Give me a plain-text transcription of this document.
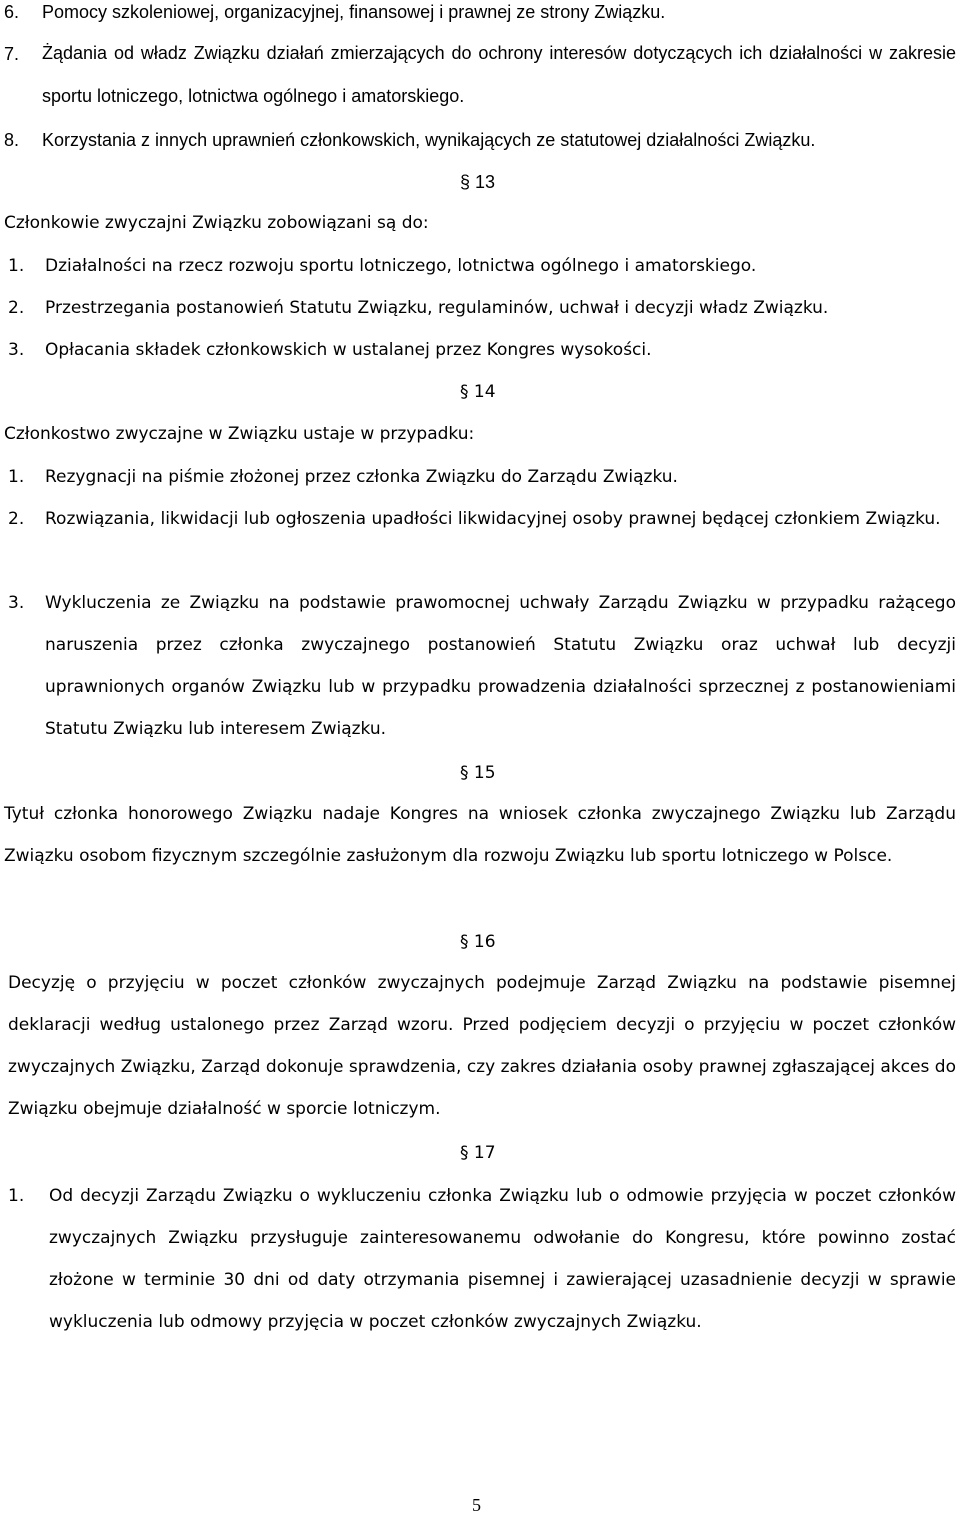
6. Pomocy szkoleniowej, organizacyjnej, finansowej i prawnej ze strony Związku.
7. Żądania od władz Związku działań zmierzających do ochrony interesów dotyczących ich działalności w zakresie sportu lotniczego, lotnictwa ogólnego i amatorskiego.
8. Korzystania z innych uprawnień członkowskich, wynikających ze statutowej działalności Związku.
§ 13
Członkowie zwyczajni Związku zobowiązani są do:
1. Działalności na rzecz rozwoju sportu lotniczego, lotnictwa ogólnego i amatorskiego.
2. Przestrzegania postanowień Statutu Związku, regulaminów, uchwał i decyzji władz Związku.
3. Opłacania składek członkowskich w ustalanej przez Kongres wysokości.
§ 14
Członkostwo zwyczajne w Związku ustaje w przypadku:
1. Rezygnacji na piśmie złożonej przez członka Związku do Zarządu Związku.
2. Rozwiązania, likwidacji lub ogłoszenia upadłości likwidacyjnej osoby prawnej będącej członkiem Związku.
3. Wykluczenia ze Związku na podstawie prawomocnej uchwały Zarządu Związku w przypadku rażącego naruszenia przez członka zwyczajnego postanowień Statutu Związku oraz uchwał lub decyzji uprawnionych organów Związku lub w przypadku prowadzenia działalności sprzecznej z postanowieniami Statutu Związku lub interesem Związku.
§ 15
Tytuł członka honorowego Związku nadaje Kongres na wniosek członka zwyczajnego Związku lub Zarządu Związku osobom fizycznym szczególnie zasłużonym dla rozwoju Związku lub sportu lotniczego w Polsce.
§ 16
Decyzję o przyjęciu w poczet członków zwyczajnych podejmuje Zarząd Związku na podstawie pisemnej deklaracji według ustalonego przez Zarząd wzoru. Przed podjęciem decyzji o przyjęciu w poczet członków zwyczajnych Związku, Zarząd dokonuje sprawdzenia, czy zakres działania osoby prawnej zgłaszającej akces do Związku obejmuje działalność w sporcie lotniczym.
§ 17
1. Od decyzji Zarządu Związku o wykluczeniu członka Związku lub o odmowie przyjęcia w poczet członków zwyczajnych Związku przysługuje zainteresowanemu odwołanie do Kongresu, które powinno zostać złożone w terminie 30 dni od daty otrzymania pisemnej i zawierającej uzasadnienie decyzji w sprawie wykluczenia lub odmowy przyjęcia w poczet członków zwyczajnych Związku.
5
